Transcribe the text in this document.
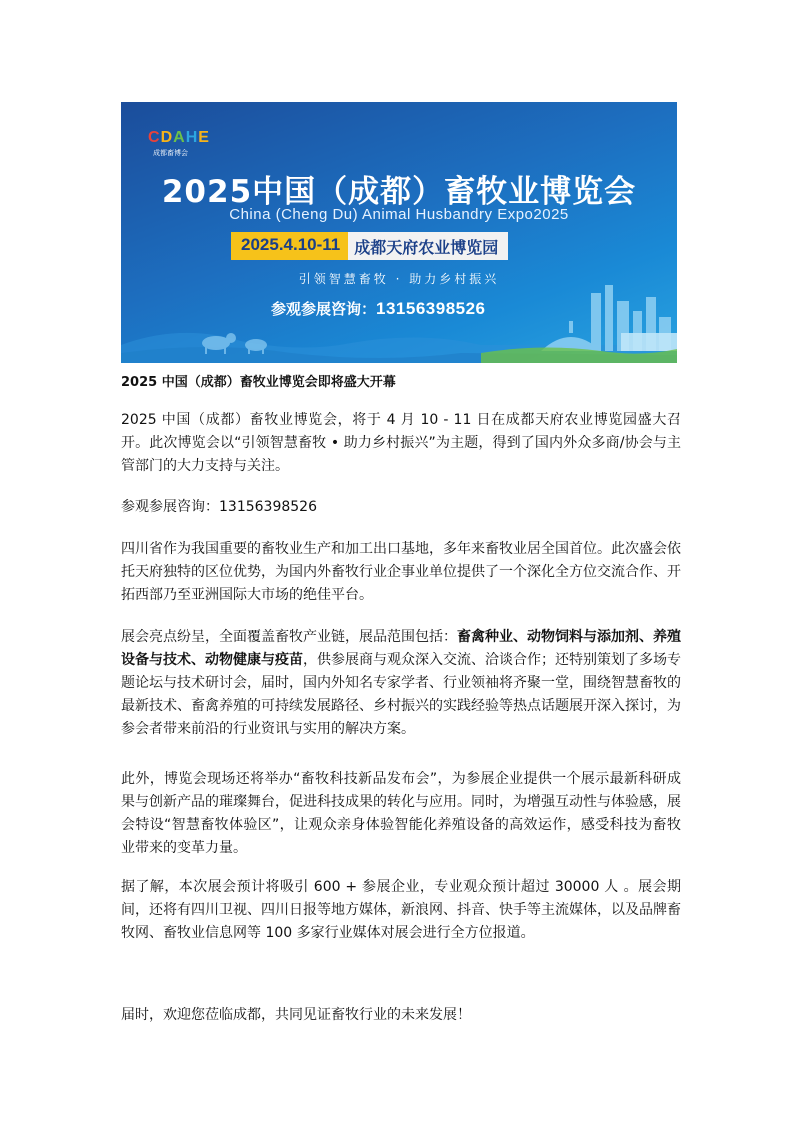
CDAHE
成都畜博会
2025中国（成都）畜牧业博览会
China (Cheng Du) Animal Husbandry Expo2025
2025.4.10-11 成都天府农业博览园
引领智慧畜牧 · 助力乡村振兴
参观参展咨询：13156398526
2025 中国（成都）畜牧业博览会即将盛大开幕
2025 中国（成都）畜牧业博览会，将于 4 月 10 - 11 日在成都天府农业博览园盛大召开。此次博览会以“引领智慧畜牧 • 助力乡村振兴”为主题，得到了国内外众多商/协会与主管部门的大力支持与关注。
参观参展咨询：13156398526
四川省作为我国重要的畜牧业生产和加工出口基地，多年来畜牧业居全国首位。此次盛会依托天府独特的区位优势，为国内外畜牧行业企事业单位提供了一个深化全方位交流合作、开拓西部乃至亚洲国际大市场的绝佳平台。
展会亮点纷呈，全面覆盖畜牧产业链，展品范围包括：畜禽种业、动物饲料与添加剂、养殖设备与技术、动物健康与疫苗，供参展商与观众深入交流、洽谈合作；还特别策划了多场专题论坛与技术研讨会，届时，国内外知名专家学者、行业领袖将齐聚一堂，围绕智慧畜牧的最新技术、畜禽养殖的可持续发展路径、乡村振兴的实践经验等热点话题展开深入探讨，为参会者带来前沿的行业资讯与实用的解决方案。
此外，博览会现场还将举办“畜牧科技新品发布会”，为参展企业提供一个展示最新科研成果与创新产品的璀璨舞台，促进科技成果的转化与应用。同时，为增强互动性与体验感，展会特设“智慧畜牧体验区”，让观众亲身体验智能化养殖设备的高效运作，感受科技为畜牧业带来的变革力量。
据了解，本次展会预计将吸引 600 + 参展企业，专业观众预计超过 30000 人 。展会期间，还将有四川卫视、四川日报等地方媒体，新浪网、抖音、快手等主流媒体，以及品牌畜牧网、畜牧业信息网等 100 多家行业媒体对展会进行全方位报道。
届时，欢迎您莅临成都，共同见证畜牧行业的未来发展！
